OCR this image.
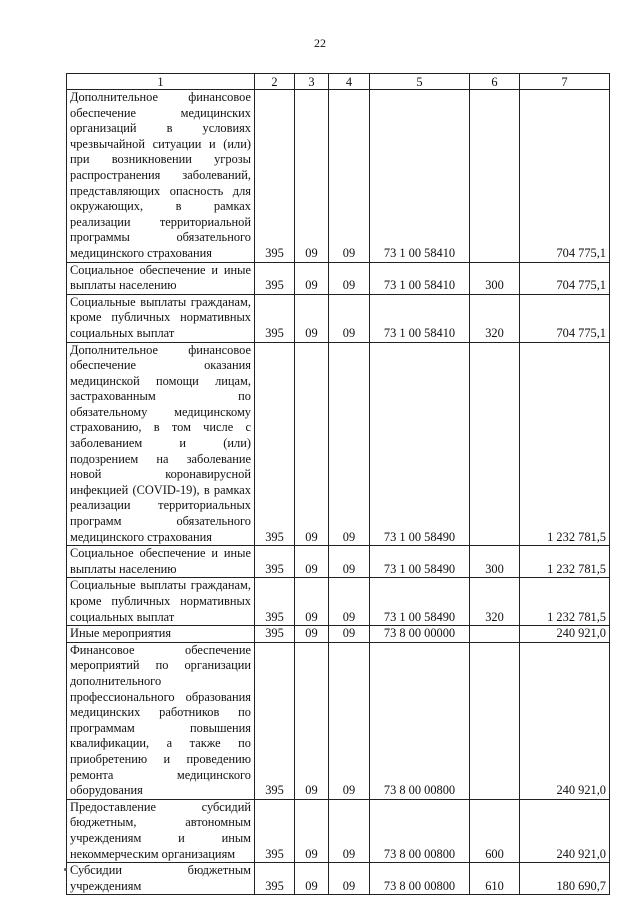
22
1	2	3	4	5	6	7
Дополнительное финансовое обеспечение медицинских организаций в условиях чрезвычайной ситуации и (или) при возникновении угрозы распространения заболеваний, представляющих опасность для окружающих, в рамках реализации территориальной программы обязательного медицинского страхования	395	09	09	73 1 00 58410		704 775,1
Социальное обеспечение и иные выплаты населению	395	09	09	73 1 00 58410	300	704 775,1
Социальные выплаты гражданам, кроме публичных нормативных социальных выплат	395	09	09	73 1 00 58410	320	704 775,1
Дополнительное финансовое обеспечение оказания медицинской помощи лицам, застрахованным по обязательному медицинскому страхованию, в том числе с заболеванием и (или) подозрением на заболевание новой коронавирусной инфекцией (COVID-19), в рамках реализации территориальных программ обязательного медицинского страхования	395	09	09	73 1 00 58490		1 232 781,5
Социальное обеспечение и иные выплаты населению	395	09	09	73 1 00 58490	300	1 232 781,5
Социальные выплаты гражданам, кроме публичных нормативных социальных выплат	395	09	09	73 1 00 58490	320	1 232 781,5
Иные мероприятия	395	09	09	73 8 00 00000		240 921,0
Финансовое обеспечение мероприятий по организации дополнительного профессионального образования медицинских работников по программам повышения квалификации, а также по приобретению и проведению ремонта медицинского оборудования	395	09	09	73 8 00 00800		240 921,0
Предоставление субсидий бюджетным, автономным учреждениям и иным некоммерческим организациям	395	09	09	73 8 00 00800	600	240 921,0
Субсидии бюджетным учреждениям	395	09	09	73 8 00 00800	610	180 690,7
